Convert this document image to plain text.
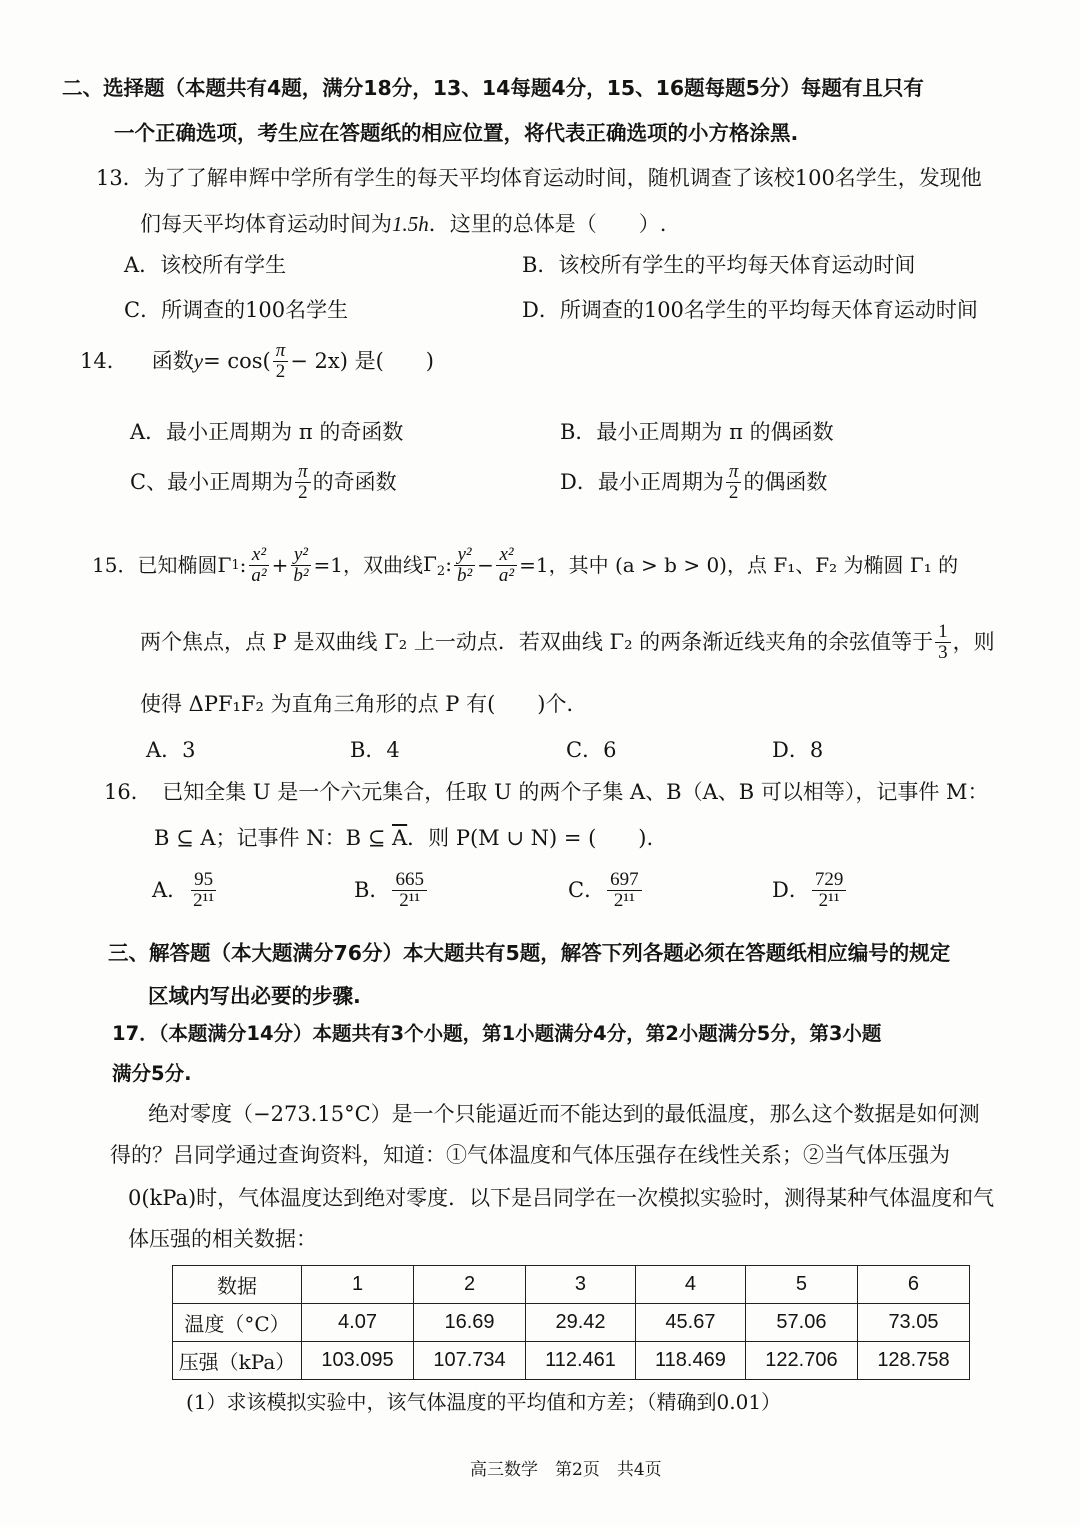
二、选择题（本题共有4题，满分18分，13、14每题4分，15、16题每题5分）每题有且只有
一个正确选项，考生应在答题纸的相应位置，将代表正确选项的小方格涂黑.
13．为了了解申辉中学所有学生的每天平均体育运动时间，随机调查了该校100名学生，发现他
们每天平均体育运动时间为1.5h．这里的总体是（　　）.
A．该校所有学生	B．该校所有学生的平均每天体育运动时间
C．所调查的100名学生	D．所调查的100名学生的平均每天体育运动时间
14． 函数 $y = \cos( \frac{\pi}{2} - 2x)$ 是(　　)
A．最小正周期为 π 的奇函数	B．最小正周期为 π 的偶函数
C、最小正周期为 $\frac{\pi}{2}$ 的奇函数	D．最小正周期为 $\frac{\pi}{2}$ 的偶函数
15．已知椭圆 Γ 1 : $\frac{\text{x²}}{\text{a²}} + \frac{\text{y²}}{\text{b²}} =1$ ，双曲线 $\Gamma_2$: $\frac{\text{y²}}{\text{b²}} - \frac{\text{x²}}{\text{a²}} =1$ ，其中 (a > b > 0)，点 F₁、F₂ 为椭圆 Γ₁ 的
两个焦点，点 P 是双曲线 Γ₂ 上一动点．若双曲线 Γ₂ 的两条渐近线夹角的余弦值等于 $\frac{1}{3}$ ，则
使得 ΔPF₁F₂ 为直角三角形的点 P 有(　　)个．
A．3	B．4	C．6	D．8
16．　已知全集 U 是一个六元集合，任取 U 的两个子集 A、B（A、B 可以相等），记事件 M：
B ⊆ A；记事件 N：B ⊆ $\overline{A}$．则 P(M ∪ N) = (　　).
A． $\frac{95}{\text{2¹¹}}$	B． $\frac{665}{\text{2¹¹}}$	C． $\frac{697}{\text{2¹¹}}$	D． $\frac{729}{\text{2¹¹}}$
三、解答题（本大题满分76分）本大题共有5题，解答下列各题必须在答题纸相应编号的规定
区域内写出必要的步骤.
17．（本题满分14分）本题共有3个小题，第1小题满分4分，第2小题满分5分，第3小题
满分5分.
绝对零度（−273.15°C）是一个只能逼近而不能达到的最低温度，那么这个数据是如何测
得的？吕同学通过查询资料，知道：①气体温度和气体压强存在线性关系；②当气体压强为
0(kPa)时，气体温度达到绝对零度．以下是吕同学在一次模拟实验时，测得某种气体温度和气
体压强的相关数据：
数据	1	2	3	4	5	6
温度（°C）	4.07	16.69	29.42	45.67	57.06	73.05
压强（kPa）	103.095	107.734	112.461	118.469	122.706	128.758
(1）求该模拟实验中，该气体温度的平均值和方差；（精确到0.01）
高三数学　第2页　共4页
